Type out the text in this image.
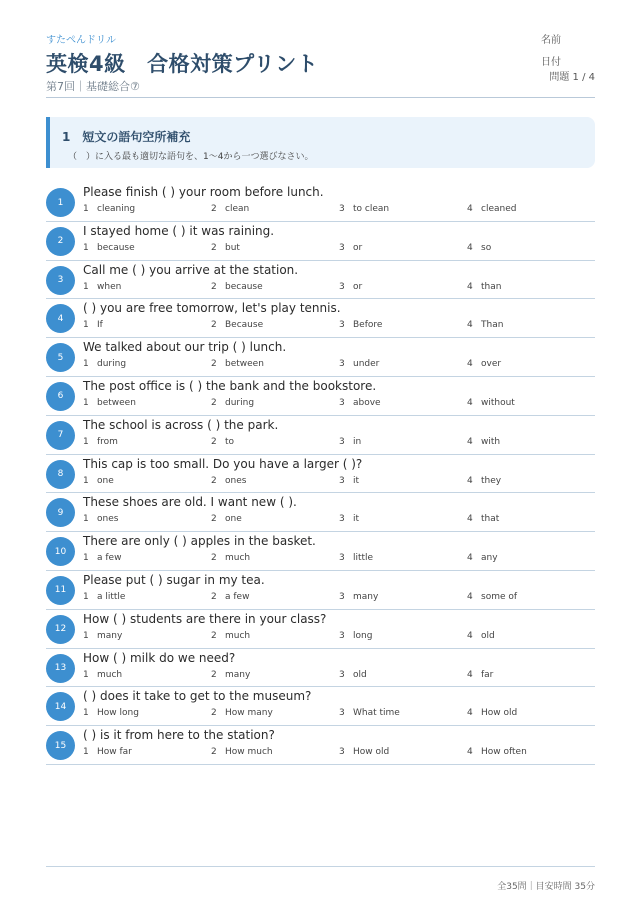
すたぺんドリル
英検4級　合格対策プリント
第7回｜基礎総合⑦
名前
日付
問題 1 / 4
1 短文の語句空所補充
（　）に入る最も適切な語句を、1〜4から一つ選びなさい。
1
Please finish ( ) your room before lunch.
1 cleaning	2 clean	3 to clean	4 cleaned
2
I stayed home ( ) it was raining.
1 because	2 but	3 or	4 so
3
Call me ( ) you arrive at the station.
1 when	2 because	3 or	4 than
4
( ) you are free tomorrow, let's play tennis.
1 If	2 Because	3 Before	4 Than
5
We talked about our trip ( ) lunch.
1 during	2 between	3 under	4 over
6
The post office is ( ) the bank and the bookstore.
1 between	2 during	3 above	4 without
7
The school is across ( ) the park.
1 from	2 to	3 in	4 with
8
This cap is too small. Do you have a larger ( )?
1 one	2 ones	3 it	4 they
9
These shoes are old. I want new ( ).
1 ones	2 one	3 it	4 that
10
There are only ( ) apples in the basket.
1 a few	2 much	3 little	4 any
11
Please put ( ) sugar in my tea.
1 a little	2 a few	3 many	4 some of
12
How ( ) students are there in your class?
1 many	2 much	3 long	4 old
13
How ( ) milk do we need?
1 much	2 many	3 old	4 far
14
( ) does it take to get to the museum?
1 How long	2 How many	3 What time	4 How old
15
( ) is it from here to the station?
1 How far	2 How much	3 How old	4 How often
全35問｜目安時間 35分
